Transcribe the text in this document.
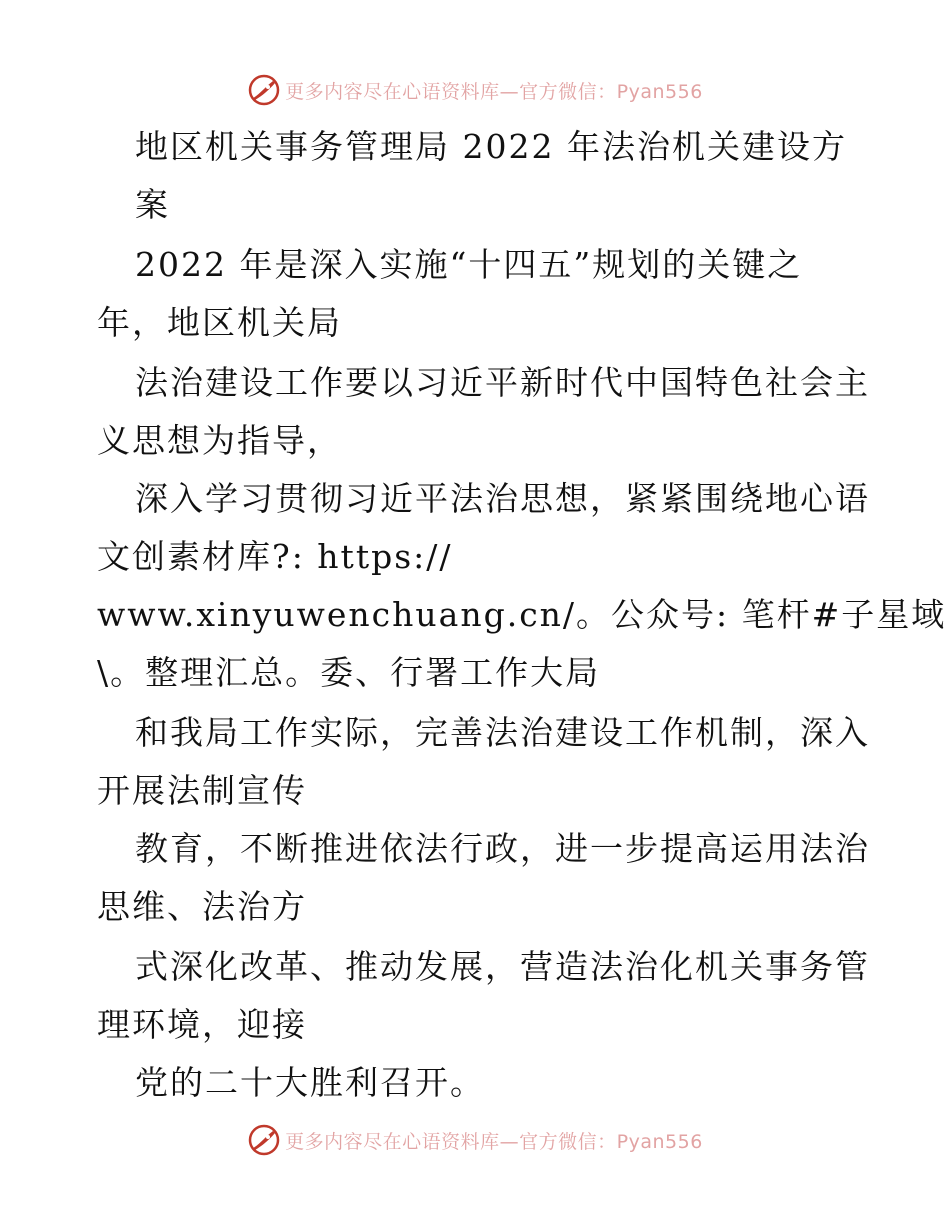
更多内容尽在心语资料库—官方微信：Pyan556
地区机关事务管理局 2022 年法治机关建设方
案
2022 年是深入实施“十四五”规划的关键之
年，地区机关局
法治建设工作要以习近平新时代中国特色社会主
义思想为指导，
深入学习贯彻习近平法治思想，紧紧围绕地心语
文创素材库?: https://
www.xinyuwenchuang.cn/。公众号: 笔杆#子星域
\。整理汇总。委、行署工作大局
和我局工作实际，完善法治建设工作机制，深入
开展法制宣传
教育，不断推进依法行政，进一步提高运用法治
思维、法治方
式深化改革、推动发展，营造法治化机关事务管
理环境，迎接
党的二十大胜利召开。
更多内容尽在心语资料库—官方微信：Pyan556
